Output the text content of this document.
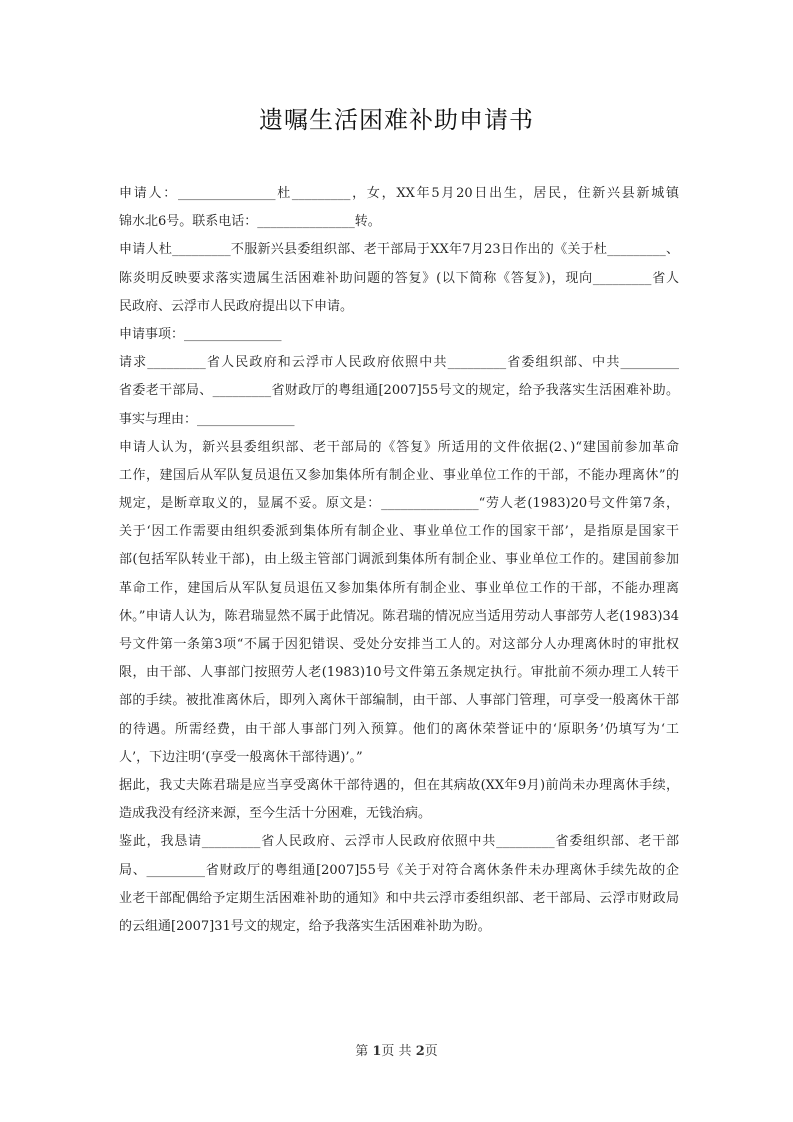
遗嘱生活困难补助申请书
申请人：_______________杜_________，女，XX年5月20日出生，居民，住新兴县新城镇
锦水北6号。联系电话：_______________转。
申请人杜_________不服新兴县委组织部、老干部局于XX年7月23日作出的《关于杜_________、
陈炎明反映要求落实遗属生活困难补助问题的答复》(以下简称《答复》)，现向_________省人
民政府、云浮市人民政府提出以下申请。
申请事项：_______________
请求_________省人民政府和云浮市人民政府依照中共_________省委组织部、中共_________
省委老干部局、_________省财政厅的粤组通[2007]55号文的规定，给予我落实生活困难补助。
事实与理由：_______________
申请人认为，新兴县委组织部、老干部局的《答复》所适用的文件依据(2、)“建国前参加革命
工作，建国后从军队复员退伍又参加集体所有制企业、事业单位工作的干部，不能办理离休”的
规定，是断章取义的，显属不妥。原文是：_______________“劳人老(1983)20号文件第7条，
关于‘因工作需要由组织委派到集体所有制企业、事业单位工作的国家干部’，是指原是国家干
部(包括军队转业干部)，由上级主管部门调派到集体所有制企业、事业单位工作的。建国前参加
革命工作，建国后从军队复员退伍又参加集体所有制企业、事业单位工作的干部，不能办理离
休。”申请人认为，陈君瑞显然不属于此情况。陈君瑞的情况应当适用劳动人事部劳人老(1983)34
号文件第一条第3项“不属于因犯错误、受处分安排当工人的。对这部分人办理离休时的审批权
限，由干部、人事部门按照劳人老(1983)10号文件第五条规定执行。审批前不须办理工人转干
部的手续。被批准离休后，即列入离休干部编制，由干部、人事部门管理，可享受一般离休干部
的待遇。所需经费，由干部人事部门列入预算。他们的离休荣誉证中的‘原职务’仍填写为‘工
人’，下边注明‘(享受一般离休干部待遇)’。”
据此，我丈夫陈君瑞是应当享受离休干部待遇的，但在其病故(XX年9月)前尚未办理离休手续，
造成我没有经济来源，至今生活十分困难，无钱治病。
鉴此，我恳请_________省人民政府、云浮市人民政府依照中共_________省委组织部、老干部
局、_________省财政厅的粤组通[2007]55号《关于对符合离休条件未办理离休手续先故的企
业老干部配偶给予定期生活困难补助的通知》和中共云浮市委组织部、老干部局、云浮市财政局
的云组通[2007]31号文的规定，给予我落实生活困难补助为盼。
第 1页 共 2页
